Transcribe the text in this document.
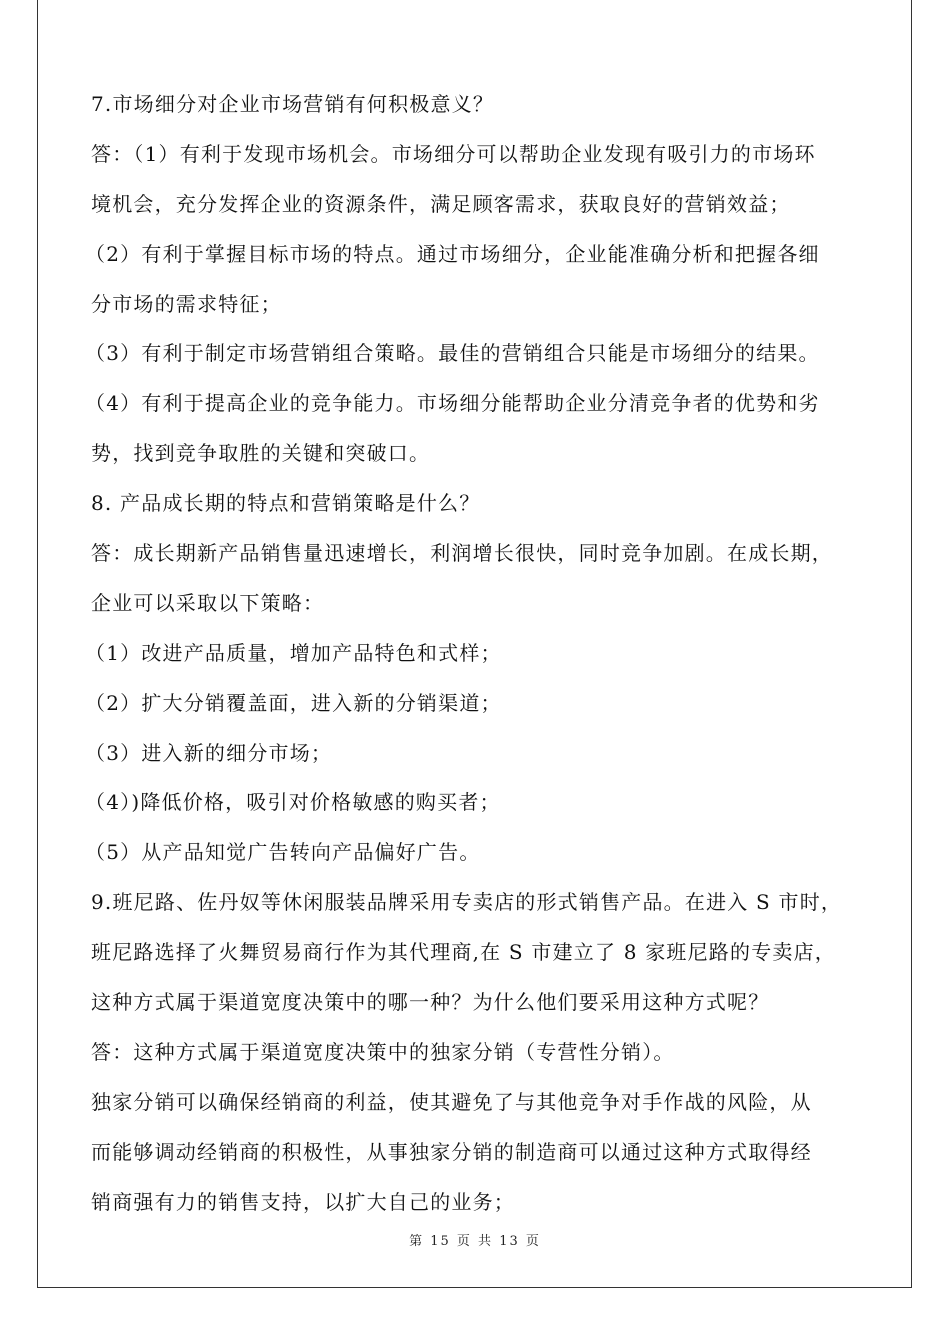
7.市场细分对企业市场营销有何积极意义？
答：（1）有利于发现市场机会。市场细分可以帮助企业发现有吸引力的市场环
境机会，充分发挥企业的资源条件，满足顾客需求，获取良好的营销效益；
（2）有利于掌握目标市场的特点。通过市场细分，企业能准确分析和把握各细
分市场的需求特征；
（3）有利于制定市场营销组合策略。最佳的营销组合只能是市场细分的结果。
（4）有利于提高企业的竞争能力。市场细分能帮助企业分清竞争者的优势和劣
势，找到竞争取胜的关键和突破口。
8. 产品成长期的特点和营销策略是什么？
答：成长期新产品销售量迅速增长，利润增长很快，同时竞争加剧。在成长期，
企业可以采取以下策略：
（1）改进产品质量，增加产品特色和式样；
（2）扩大分销覆盖面，进入新的分销渠道；
（3）进入新的细分市场；
（4）)降低价格，吸引对价格敏感的购买者；
（5）从产品知觉广告转向产品偏好广告。
9.班尼路、佐丹奴等休闲服装品牌采用专卖店的形式销售产品。在进入 S 市时，
班尼路选择了火舞贸易商行作为其代理商,在 S 市建立了 8 家班尼路的专卖店，
这种方式属于渠道宽度决策中的哪一种？为什么他们要采用这种方式呢？
答：这种方式属于渠道宽度决策中的独家分销（专营性分销）。
独家分销可以确保经销商的利益，使其避免了与其他竞争对手作战的风险，从
而能够调动经销商的积极性，从事独家分销的制造商可以通过这种方式取得经
销商强有力的销售支持，以扩大自己的业务；
第 15 页 共 13 页
